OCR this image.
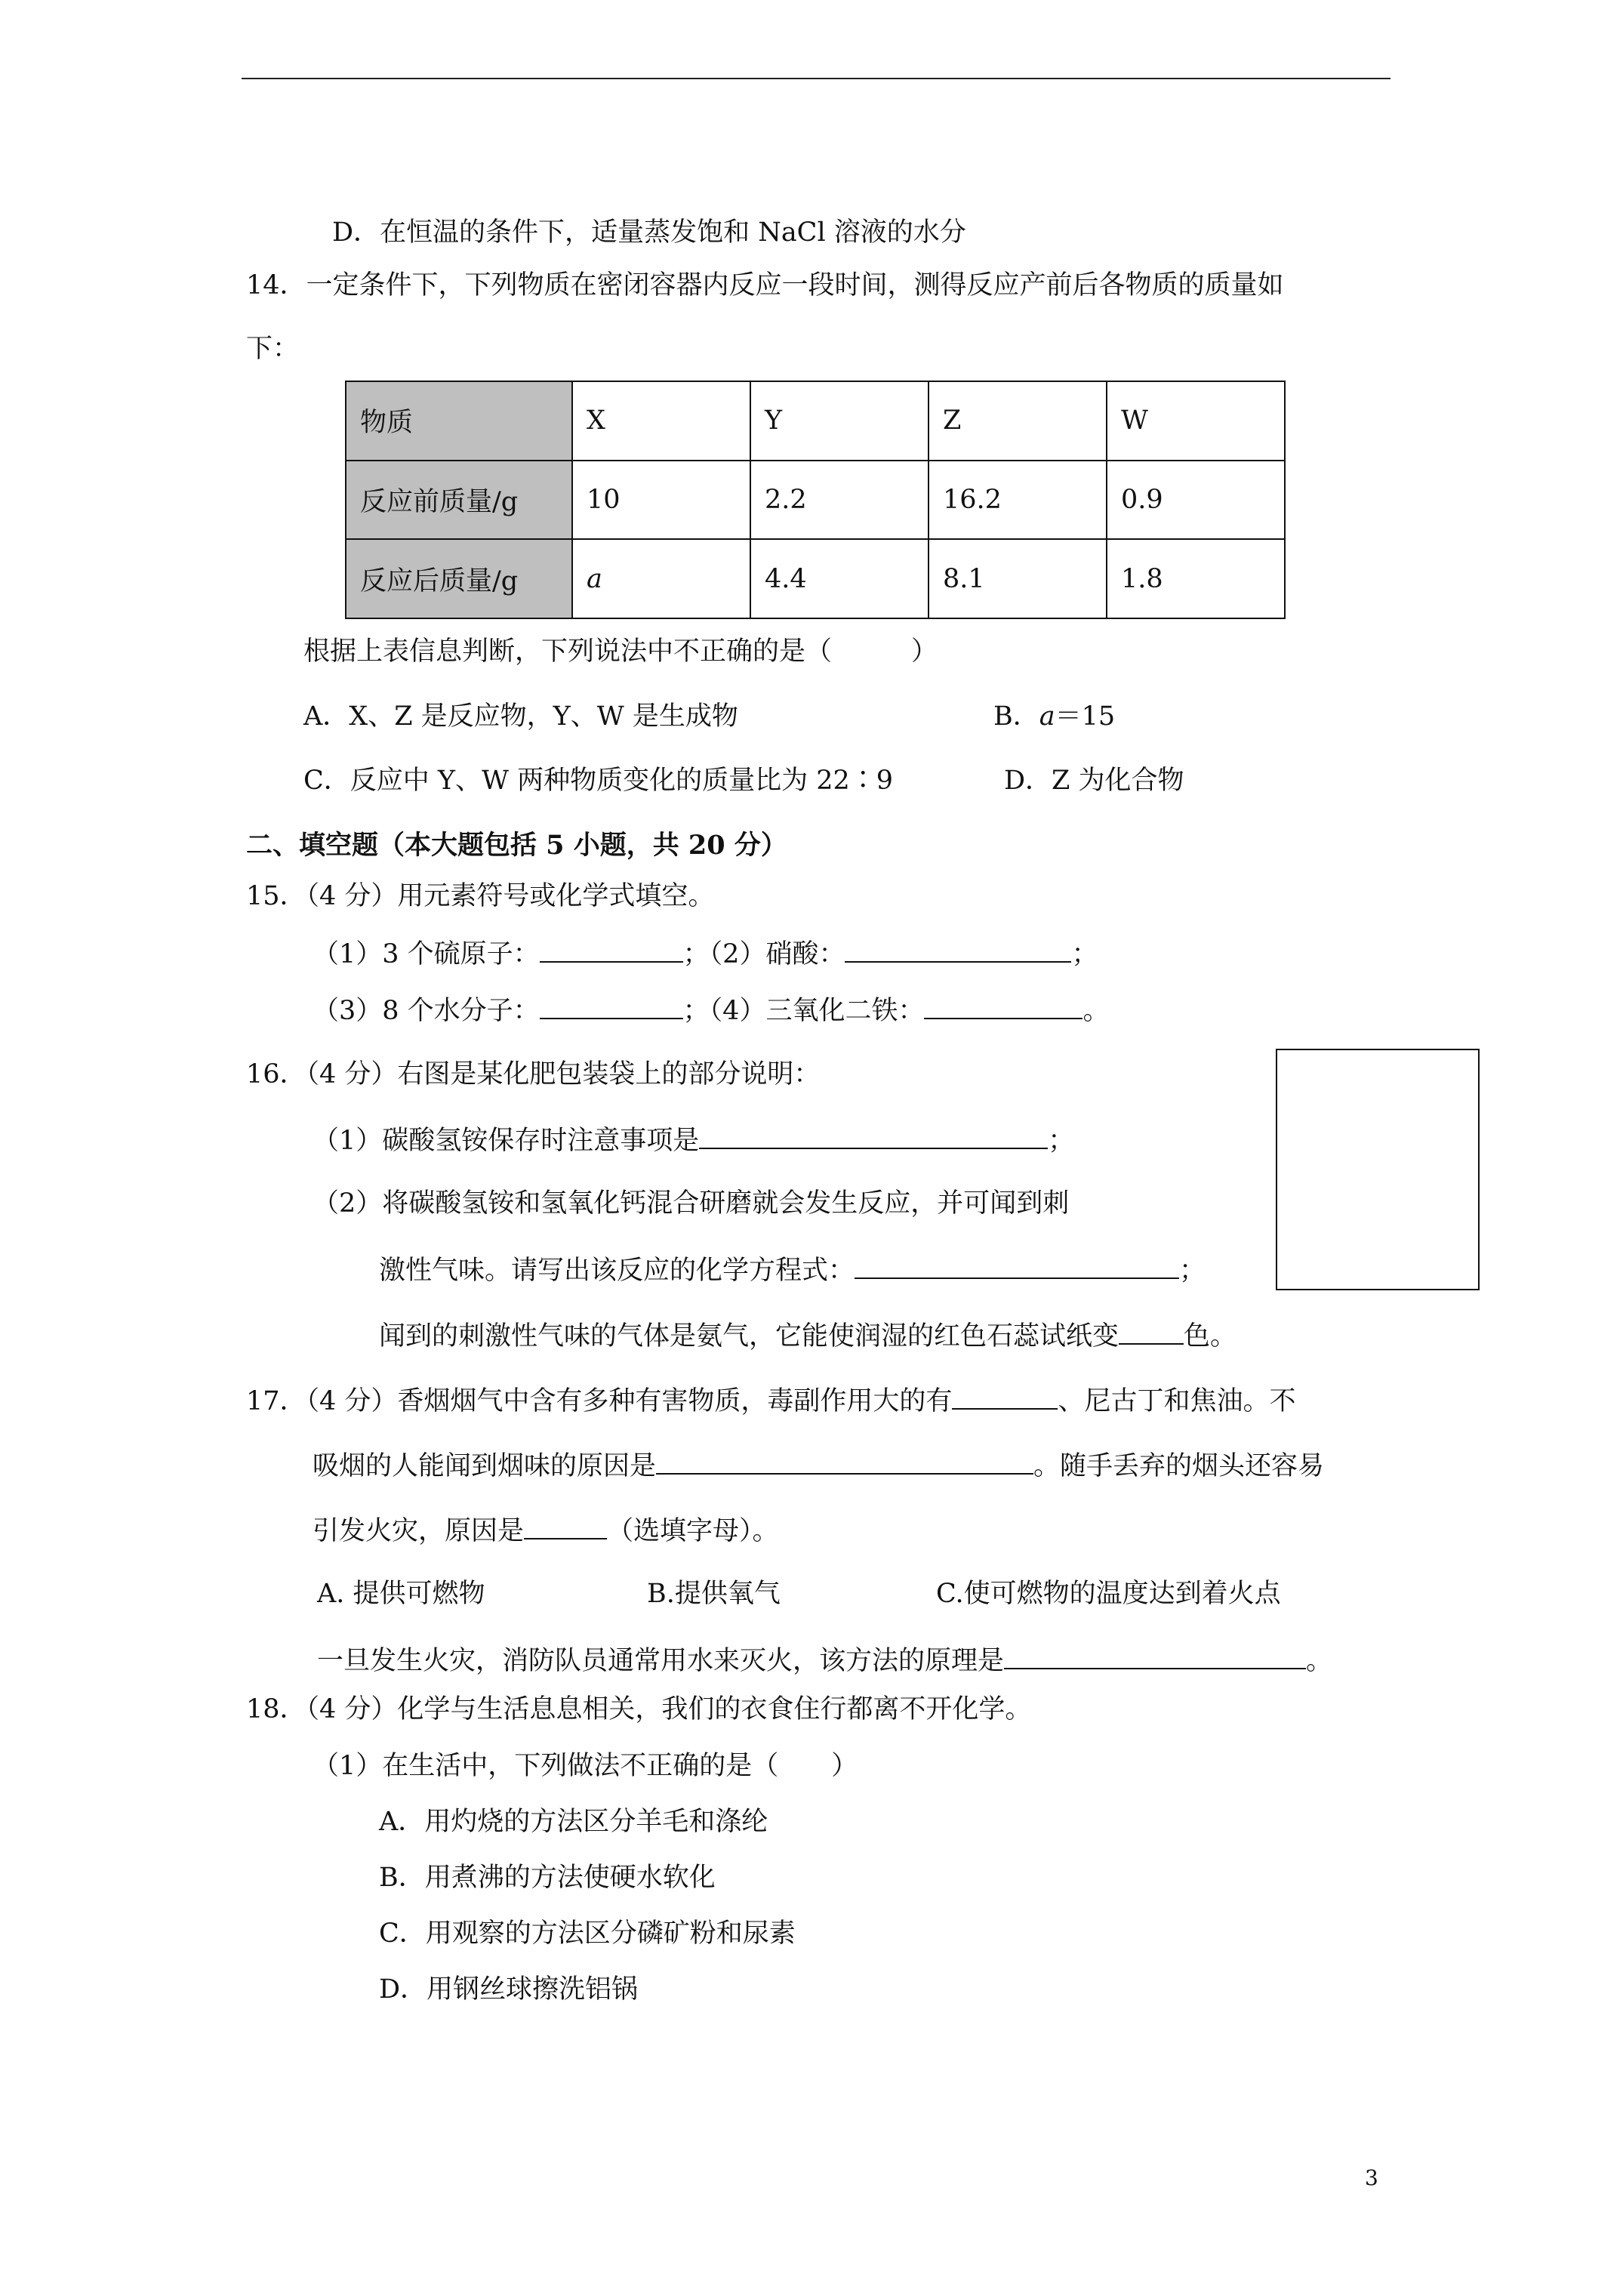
D．在恒温的条件下，适量蒸发饱和 NaCl 溶液的水分
14．一定条件下，下列物质在密闭容器内反应一段时间，测得反应产前后各物质的质量如
下：
物质	X	Y	Z	W
反应前质量/g	10	2.2	16.2	0.9
反应后质量/g	a	4.4	8.1	1.8
根据上表信息判断，下列说法中不正确的是（　　　）
A．X、Z 是反应物，Y、W 是生成物	B．a＝15
C．反应中 Y、W 两种物质变化的质量比为 22∶9	D．Z 为化合物
二、填空题（本大题包括 5 小题，共 20 分）
15．（4 分）用元素符号或化学式填空。
（1）3 个硫原子：	；（2）硝酸：	；
（3）8 个水分子：	；（4）三氧化二铁：	。
16．（4 分）右图是某化肥包装袋上的部分说明：
（1）碳酸氢铵保存时注意事项是	；
（2）将碳酸氢铵和氢氧化钙混合研磨就会发生反应，并可闻到刺
激性气味。请写出该反应的化学方程式：	；
闻到的刺激性气味的气体是氨气，它能使润湿的红色石蕊试纸变 色。
17．（4 分）香烟烟气中含有多种有害物质，毒副作用大的有	、尼古丁和焦油。不
吸烟的人能闻到烟味的原因是	。随手丢弃的烟头还容易
引发火灾，原因是	（选填字母）。
A. 提供可燃物	B.提供氧气	C.使可燃物的温度达到着火点
一旦发生火灾，消防队员通常用水来灭火，该方法的原理是	。
18．（4 分）化学与生活息息相关，我们的衣食住行都离不开化学。
（1）在生活中，下列做法不正确的是（　　）
A．用灼烧的方法区分羊毛和涤纶
B．用煮沸的方法使硬水软化
C．用观察的方法区分磷矿粉和尿素
D．用钢丝球擦洗铝锅
3
